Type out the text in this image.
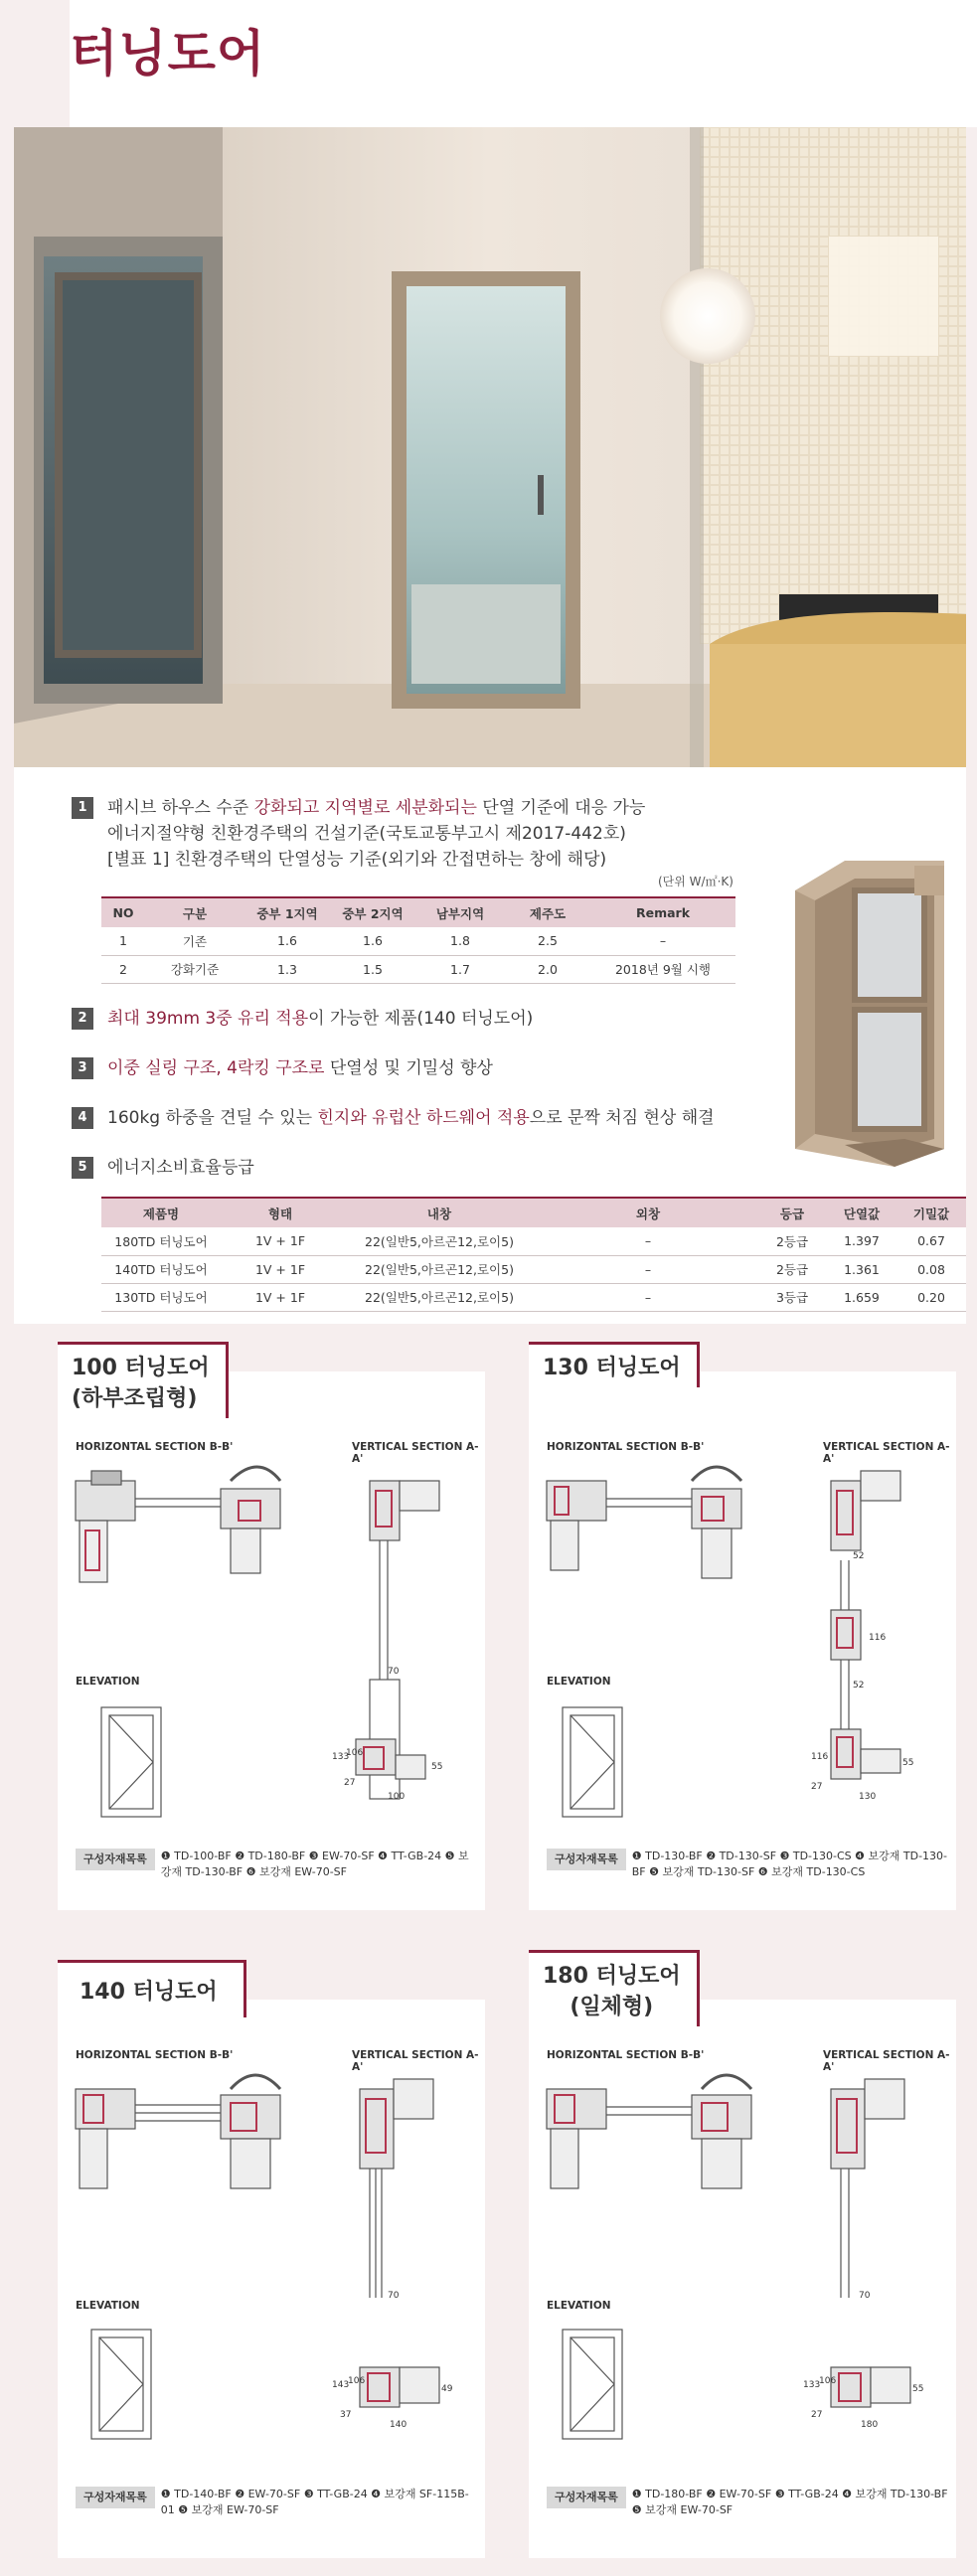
터닝도어
1	패시브 하우스 수준 강화되고 지역별로 세분화되는 단열 기준에 대응 가능
에너지절약형 친환경주택의 건설기준(국토교통부고시 제2017-442호)
[별표 1] 친환경주택의 단열성능 기준(외기와 간접면하는 창에 해당)
(단위 W/㎡·K)
NO	구분	중부 1지역	중부 2지역	남부지역	제주도	Remark
1	기존	1.6	1.6	1.8	2.5	–
2	강화기준	1.3	1.5	1.7	2.0	2018년 9월 시행
2	최대 39mm 3중 유리 적용이 가능한 제품(140 터닝도어)
3	이중 실링 구조, 4락킹 구조로 단열성 및 기밀성 향상
4	160kg 하중을 견딜 수 있는 힌지와 유럽산 하드웨어 적용으로 문짝 처짐 현상 해결
5	에너지소비효율등급
제품명	형태	내창	외창	등급	단열값	기밀값
180TD 터닝도어	1V + 1F	22(일반5,아르곤12,로이5)	–	2등급	1.397	0.67
140TD 터닝도어	1V + 1F	22(일반5,아르곤12,로이5)	–	2등급	1.361	0.08
130TD 터닝도어	1V + 1F	22(일반5,아르곤12,로이5)	–	3등급	1.659	0.20
HORIZONTAL SECTION B-B'	VERTICAL SECTION A-A'
ELEVATION
70
133
106
27
55
100
구성자재목록 ❶ TD-100-BF ❷ TD-180-BF ❸ EW-70-SF ❹ TT-GB-24 ❺ 보강재 TD-130-BF ❻ 보강재 EW-70-SF
100 터닝도어
(하부조립형)
HORIZONTAL SECTION B-B'	VERTICAL SECTION A-A'
ELEVATION
52
116
52
116
27
55
130
구성자재목록 ❶ TD-130-BF ❷ TD-130-SF ❸ TD-130-CS ❹ 보강재 TD-130-BF ❺ 보강재 TD-130-SF ❻ 보강재 TD-130-CS
130 터닝도어
HORIZONTAL SECTION B-B'	VERTICAL SECTION A-A'
ELEVATION
70
143
106
37
49
140
구성자재목록 ❶ TD-140-BF ❷ EW-70-SF ❸ TT-GB-24 ❹ 보강재 SF-115B-01 ❺ 보강재 EW-70-SF
140 터닝도어
HORIZONTAL SECTION B-B'	VERTICAL SECTION A-A'
ELEVATION
70
133
106
27
55
180
구성자재목록 ❶ TD-180-BF ❷ EW-70-SF ❸ TT-GB-24 ❹ 보강재 TD-130-BF ❺ 보강재 EW-70-SF
180 터닝도어
(일체형)
